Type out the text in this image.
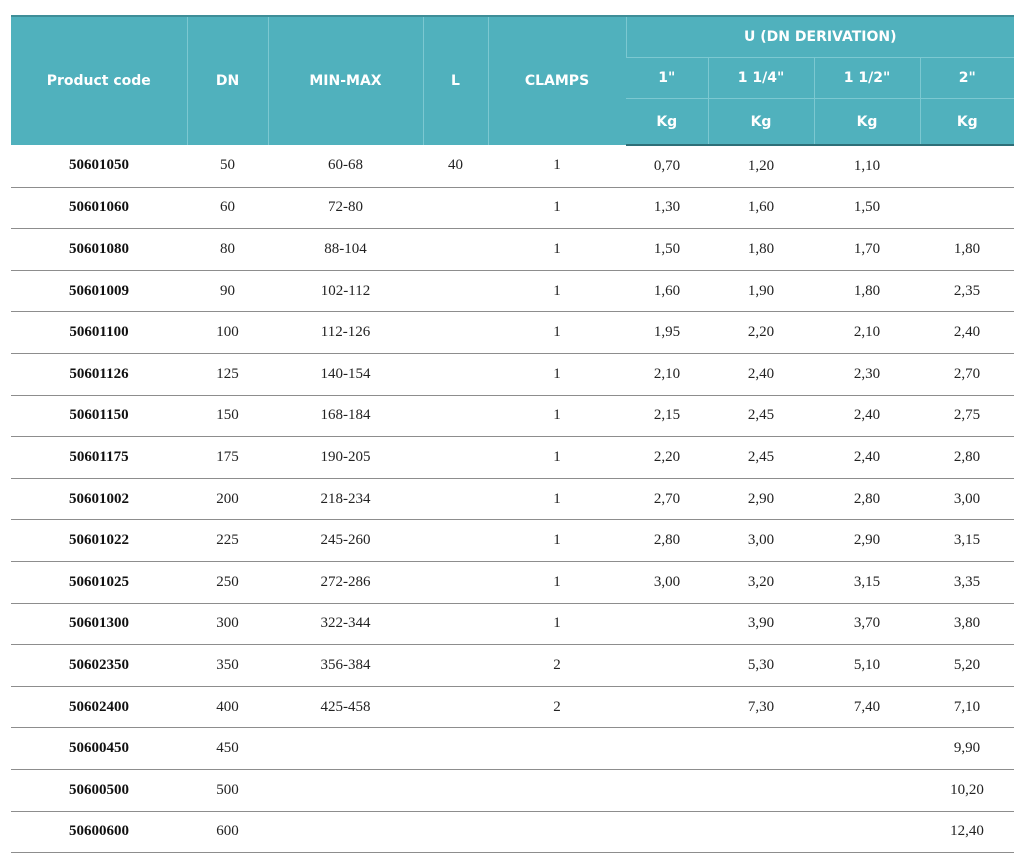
Product code	DN	MIN-MAX	L	CLAMPS	U (DN DERIVATION)			
					1"	1 1/4"	1 1/2"	2"
					Kg	Kg	Kg	Kg
50601050	50	60-68	40	1	0,70	1,20	1,10	
50601060	60	72-80		1	1,30	1,60	1,50	
50601080	80	88-104		1	1,50	1,80	1,70	1,80
50601009	90	102-112		1	1,60	1,90	1,80	2,35
50601100	100	112-126		1	1,95	2,20	2,10	2,40
50601126	125	140-154		1	2,10	2,40	2,30	2,70
50601150	150	168-184		1	2,15	2,45	2,40	2,75
50601175	175	190-205		1	2,20	2,45	2,40	2,80
50601002	200	218-234		1	2,70	2,90	2,80	3,00
50601022	225	245-260		1	2,80	3,00	2,90	3,15
50601025	250	272-286		1	3,00	3,20	3,15	3,35
50601300	300	322-344		1		3,90	3,70	3,80
50602350	350	356-384		2		5,30	5,10	5,20
50602400	400	425-458		2		7,30	7,40	7,10
50600450	450							9,90
50600500	500							10,20
50600600	600							12,40
